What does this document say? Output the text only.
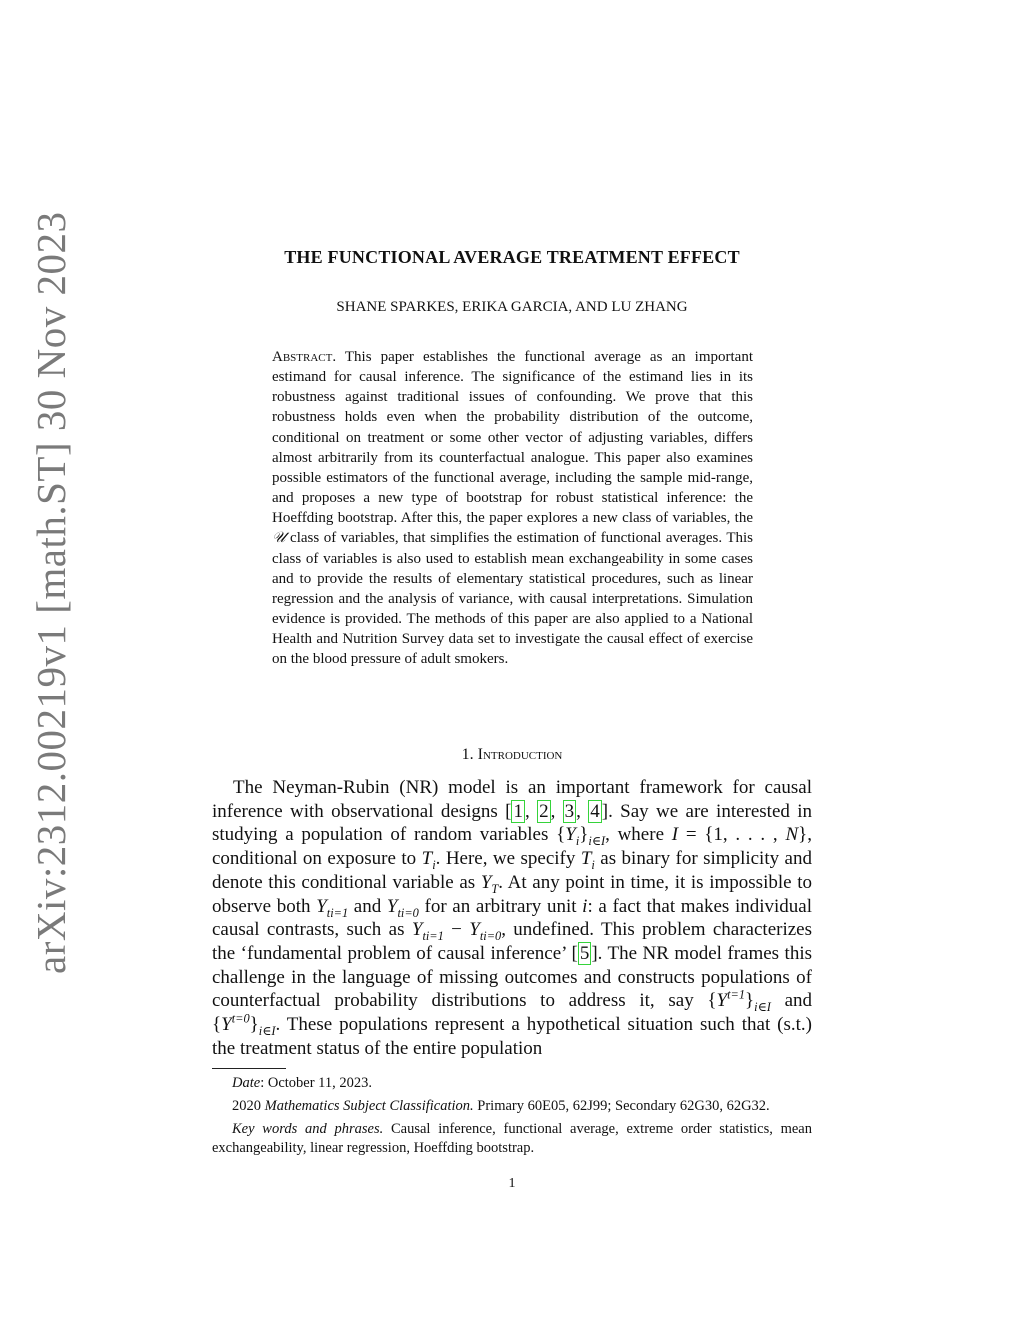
arXiv:2312.00219v1 [math.ST] 30 Nov 2023	THE FUNCTIONAL AVERAGE TREATMENT EFFECT
SHANE SPARKES, ERIKA GARCIA, AND LU ZHANG
Abstract. This paper establishes the functional average as an important estimand for causal inference. The significance of the estimand lies in its robustness against traditional issues of confounding. We prove that this robustness holds even when the probability distribution of the outcome, conditional on treatment or some other vector of adjusting variables, differs almost arbitrarily from its counterfactual analogue. This paper also examines possible estimators of the functional average, including the sample mid-range, and proposes a new type of bootstrap for robust statistical inference: the Hoeffding bootstrap. After this, the paper explores a new class of variables, the 𝒰 class of variables, that simplifies the estimation of functional averages. This class of variables is also used to establish mean exchangeability in some cases and to provide the results of elementary statistical procedures, such as linear regression and the analysis of variance, with causal interpretations. Simulation evidence is provided. The methods of this paper are also applied to a National Health and Nutrition Survey data set to investigate the causal effect of exercise on the blood pressure of adult smokers.
1. Introduction

The Neyman-Rubin (NR) model is an important framework for causal inference with observational designs [ 1 , 2 , 3 , 4 ]. Say we are interested in studying a population of random variables $\{Y_i\}_{i\in I}$, where I = {1, . . . , N}, conditional on exposure to $T_i$. Here, we specify $T_i$ as binary for simplicity and denote this conditional variable as $Y_T$. At any point in time, it is impossible to observe both $Y_{ti=1}$ and $Y_{ti=0}$ for an arbitrary unit i: a fact that makes individual causal contrasts, such as $Y_{ti=1} - Y_{ti=0}$, undefined. This problem characterizes the ‘fundamental problem of causal inference’ [ 5 ]. The NR model frames this challenge in the language of missing outcomes and constructs populations of counterfactual probability distributions to address it, say $\{Y^{t=1}\}_{i\in I}$ and $\{Y^{t=0}\}_{i\in I}$. These populations represent a hypothetical situation such that (s.t.) the treatment status of the entire population

Date: October 11, 2023.

2020 Mathematics Subject Classification. Primary 60E05, 62J99; Secondary 62G30, 62G32.

Key words and phrases. Causal inference, functional average, extreme order statistics, mean exchangeability, linear regression, Hoeffding bootstrap.

1
